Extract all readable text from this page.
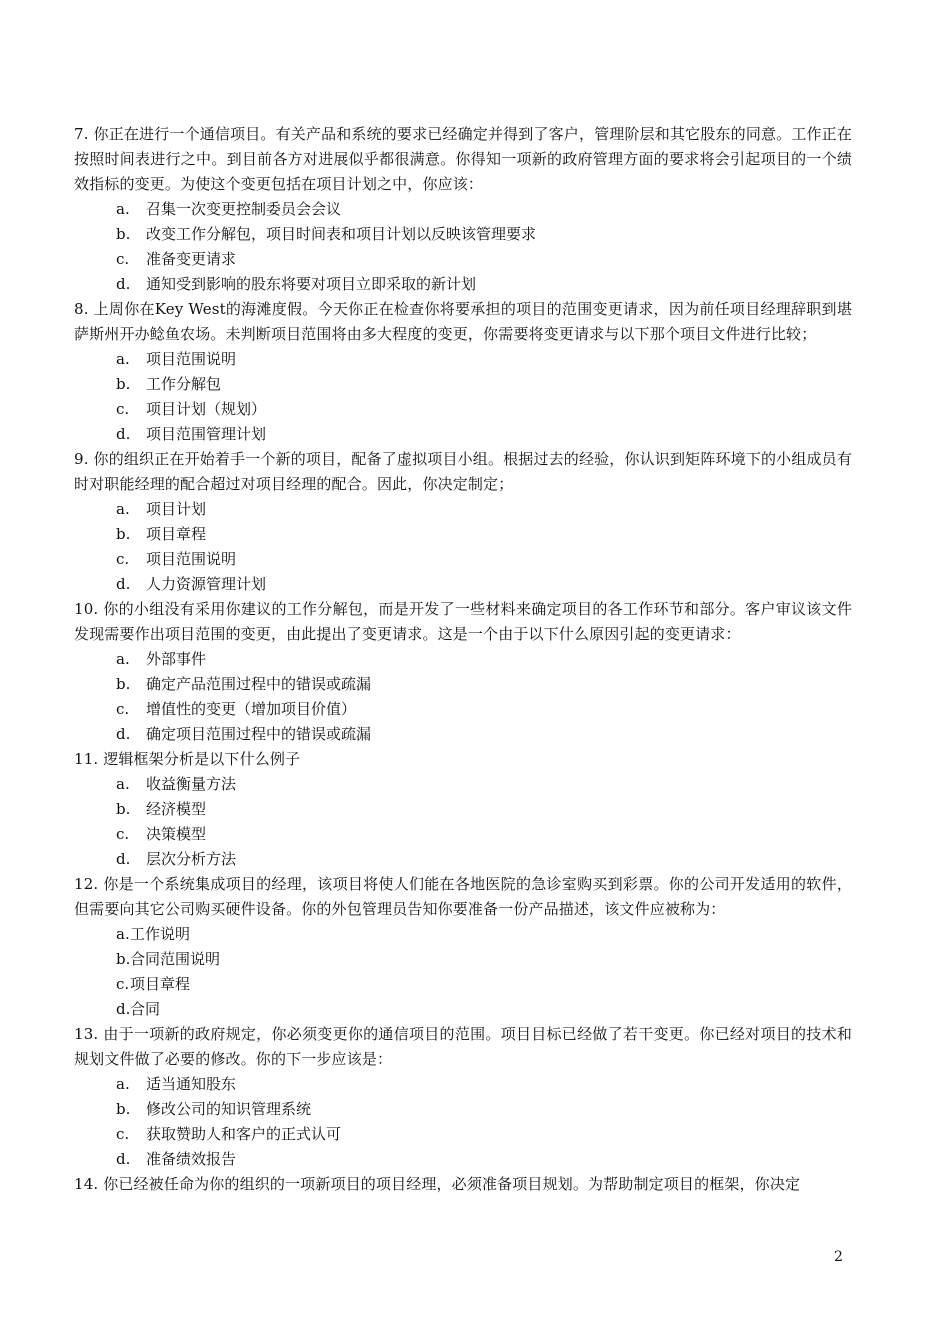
7. 你正在进行一个通信项目。有关产品和系统的要求已经确定并得到了客户，管理阶层和其它股东的同意。工作正在按照时间表进行之中。到目前各方对进展似乎都很满意。你得知一项新的政府管理方面的要求将会引起项目的一个绩效指标的变更。为使这个变更包括在项目计划之中，你应该：

a.	召集一次变更控制委员会会议
b.	改变工作分解包，项目时间表和项目计划以反映该管理要求
c.	准备变更请求
d.	通知受到影响的股东将要对项目立即采取的新计划

8. 上周你在Key West的海滩度假。今天你正在检查你将要承担的项目的范围变更请求，因为前任项目经理辞职到堪萨斯州开办鲶鱼农场。未判断项目范围将由多大程度的变更，你需要将变更请求与以下那个项目文件进行比较；

a.	项目范围说明
b.	工作分解包
c.	项目计划（规划）
d.	项目范围管理计划

9. 你的组织正在开始着手一个新的项目，配备了虚拟项目小组。根据过去的经验，你认识到矩阵环境下的小组成员有时对职能经理的配合超过对项目经理的配合。因此，你决定制定；

a.	项目计划
b.	项目章程
c.	项目范围说明
d.	人力资源管理计划

10. 你的小组没有采用你建议的工作分解包，而是开发了一些材料来确定项目的各工作环节和部分。客户审议该文件发现需要作出项目范围的变更，由此提出了变更请求。这是一个由于以下什么原因引起的变更请求：

a.	外部事件
b.	确定产品范围过程中的错误或疏漏
c.	增值性的变更（增加项目价值）
d.	确定项目范围过程中的错误或疏漏

11. 逻辑框架分析是以下什么例子

a.	收益衡量方法
b.	经济模型
c.	决策模型
d.	层次分析方法

12. 你是一个系统集成项目的经理，该项目将使人们能在各地医院的急诊室购买到彩票。你的公司开发适用的软件，但需要向其它公司购买硬件设备。你的外包管理员告知你要准备一份产品描述，该文件应被称为：

a. 工作说明
b. 合同范围说明
c. 项目章程
d. 合同

13. 由于一项新的政府规定，你必须变更你的通信项目的范围。项目目标已经做了若干变更。你已经对项目的技术和规划文件做了必要的修改。你的下一步应该是：

a.	适当通知股东
b.	修改公司的知识管理系统
c.	获取赞助人和客户的正式认可
d.	准备绩效报告

14. 你已经被任命为你的组织的一项新项目的项目经理，必须准备项目规划。为帮助制定项目的框架，你决定

2
